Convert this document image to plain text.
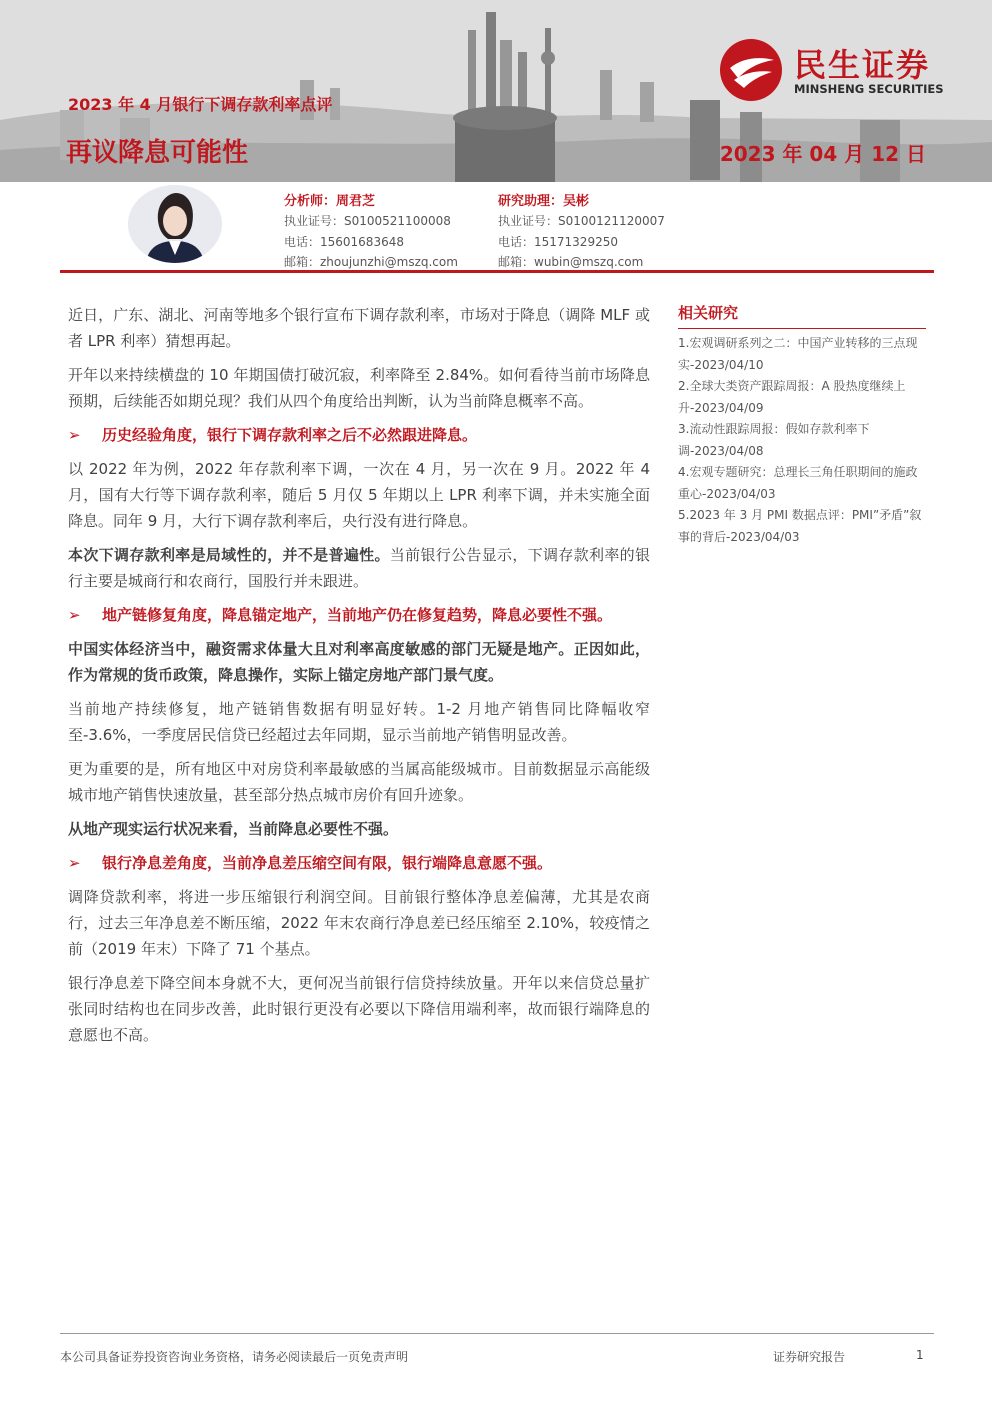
2023 年 4 月银行下调存款利率点评
再议降息可能性	2023 年 04 月 12 日
民生证券
MINSHENG SECURITIES
分析师：周君芝
执业证号：S0100521100008
电话：15601683648
邮箱：zhoujunzhi@mszq.com
研究助理：吴彬
执业证号：S0100121120007
电话：15171329250
邮箱：wubin@mszq.com

近日，广东、湖北、河南等地多个银行宣布下调存款利率，市场对于降息（调降 MLF 或者 LPR 利率）猜想再起。

开年以来持续横盘的 10 年期国债打破沉寂，利率降至 2.84%。如何看待当前市场降息预期，后续能否如期兑现？我们从四个角度给出判断，认为当前降息概率不高。

➢	历史经验角度，银行下调存款利率之后不必然跟进降息。

以 2022 年为例，2022 年存款利率下调，一次在 4 月，另一次在 9 月。2022 年 4 月，国有大行等下调存款利率，随后 5 月仅 5 年期以上 LPR 利率下调，并未实施全面降息。同年 9 月，大行下调存款利率后，央行没有进行降息。

本次下调存款利率是局域性的，并不是普遍性。当前银行公告显示，下调存款利率的银行主要是城商行和农商行，国股行并未跟进。

➢	地产链修复角度，降息锚定地产，当前地产仍在修复趋势，降息必要性不强。

中国实体经济当中，融资需求体量大且对利率高度敏感的部门无疑是地产。正因如此，作为常规的货币政策，降息操作，实际上锚定房地产部门景气度。

当前地产持续修复，地产链销售数据有明显好转。1-2 月地产销售同比降幅收窄至-3.6%，一季度居民信贷已经超过去年同期，显示当前地产销售明显改善。

更为重要的是，所有地区中对房贷利率最敏感的当属高能级城市。目前数据显示高能级城市地产销售快速放量，甚至部分热点城市房价有回升迹象。

从地产现实运行状况来看，当前降息必要性不强。

➢	银行净息差角度，当前净息差压缩空间有限，银行端降息意愿不强。

调降贷款利率，将进一步压缩银行利润空间。目前银行整体净息差偏薄，尤其是农商行，过去三年净息差不断压缩，2022 年末农商行净息差已经压缩至 2.10%，较疫情之前（2019 年末）下降了 71 个基点。

银行净息差下降空间本身就不大，更何况当前银行信贷持续放量。开年以来信贷总量扩张同时结构也在同步改善，此时银行更没有必要以下降信用端利率，故而银行端降息的意愿也不高。

相关研究

1.宏观调研系列之二：中国产业转移的三点现实-2023/04/10

2.全球大类资产跟踪周报：A 股热度继续上升-2023/04/09

3.流动性跟踪周报：假如存款利率下调-2023/04/08

4.宏观专题研究：总理长三角任职期间的施政重心-2023/04/03

5.2023 年 3 月 PMI 数据点评：PMI”矛盾”叙事的背后-2023/04/03

本公司具备证券投资咨询业务资格，请务必阅读最后一页免责声明	证券研究报告	1
